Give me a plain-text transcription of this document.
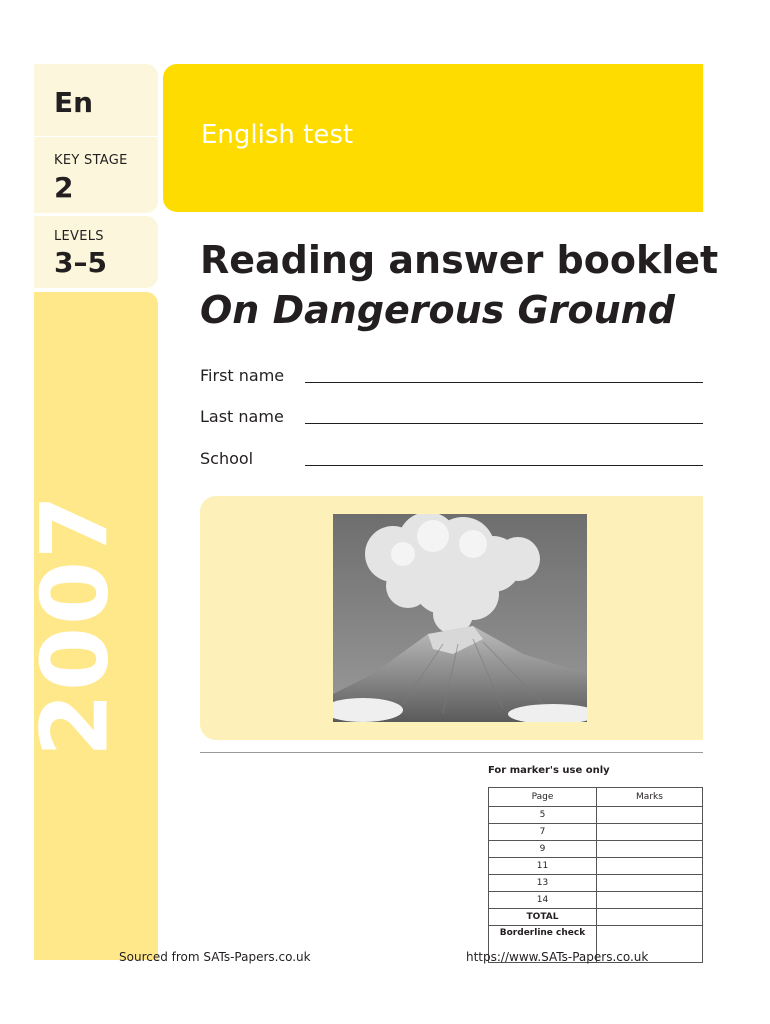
En
KEY STAGE
2
LEVELS
3–5
2007
English test
Reading answer booklet
On Dangerous Ground
First name
Last name
School
For marker's use only
Page	Marks
5	
7	
9	
11	
13	
14	
TOTAL	
Borderline check	
Sourced from SATs-Papers.co.uk	https://www.SATs-Papers.co.uk
